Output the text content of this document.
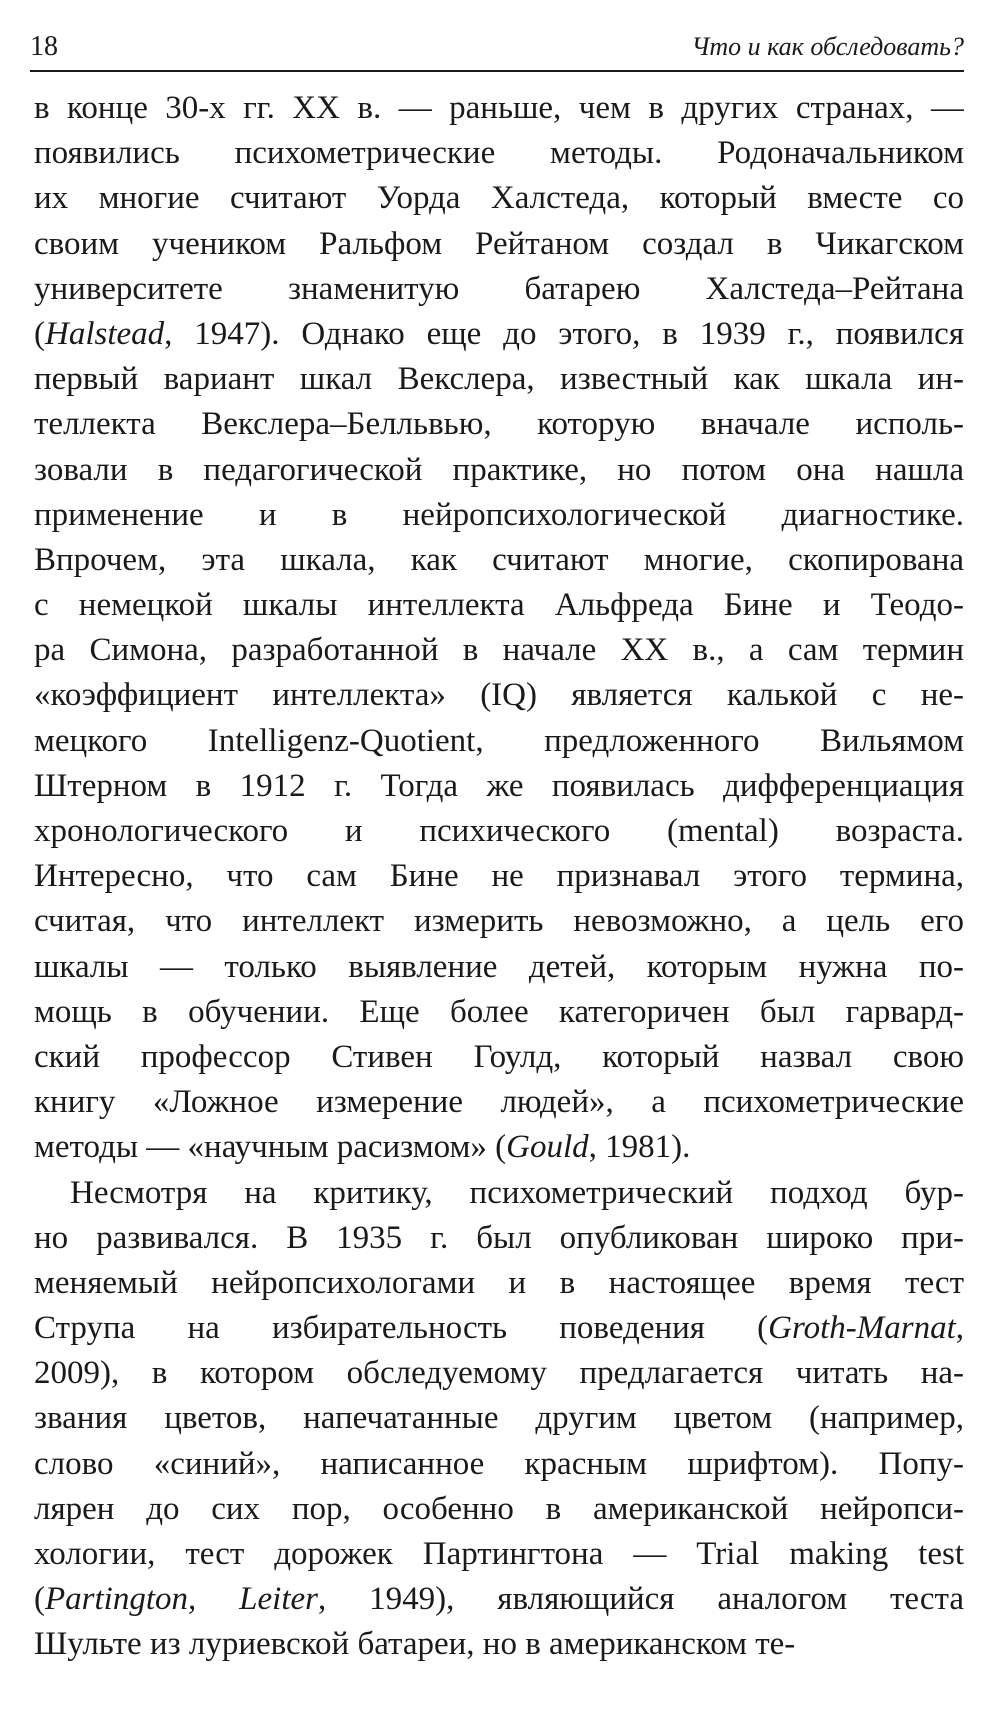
18	Что и как обследовать?
в конце 30-х гг. XX в. — раньше, чем в других странах, —
появились психометрические методы. Родоначальником
их многие считают Уорда Халстеда, который вместе со
своим учеником Ральфом Рейтаном создал в Чикагском
университете знаменитую батарею Халстеда–Рейтана
(Halstead, 1947). Однако еще до этого, в 1939 г., появился
первый вариант шкал Векслера, известный как шкала ин-
теллекта Векслера–Белльвью, которую вначале исполь-
зовали в педагогической практике, но потом она нашла
применение и в нейропсихологической диагностике.
Впрочем, эта шкала, как считают многие, скопирована
с немецкой шкалы интеллекта Альфреда Бине и Теодо-
ра Симона, разработанной в начале XX в., а сам термин
«коэффициент интеллекта» (IQ) является калькой с не-
мецкого Intelligenz-Quotient, предложенного Вильямом
Штерном в 1912 г. Тогда же появилась дифференциация
хронологического и психического (mental) возраста.
Интересно, что сам Бине не признавал этого термина,
считая, что интеллект измерить невозможно, а цель его
шкалы — только выявление детей, которым нужна по-
мощь в обучении. Еще более категоричен был гарвард-
ский профессор Стивен Гоулд, который назвал свою
книгу «Ложное измерение людей», а психометрические
методы — «научным расизмом» (Gould, 1981).
Несмотря на критику, психометрический подход бур-
но развивался. В 1935 г. был опубликован широко при-
меняемый нейропсихологами и в настоящее время тест
Струпа на избирательность поведения (Groth-Marnat,
2009), в котором обследуемому предлагается читать на-
звания цветов, напечатанные другим цветом (например,
слово «синий», написанное красным шрифтом). Попу-
лярен до сих пор, особенно в американской нейропси-
хологии, тест дорожек Партингтона — Trial making test
(Partington, Leiter, 1949), являющийся аналогом теста
Шульте из луриевской батареи, но в американском те-
